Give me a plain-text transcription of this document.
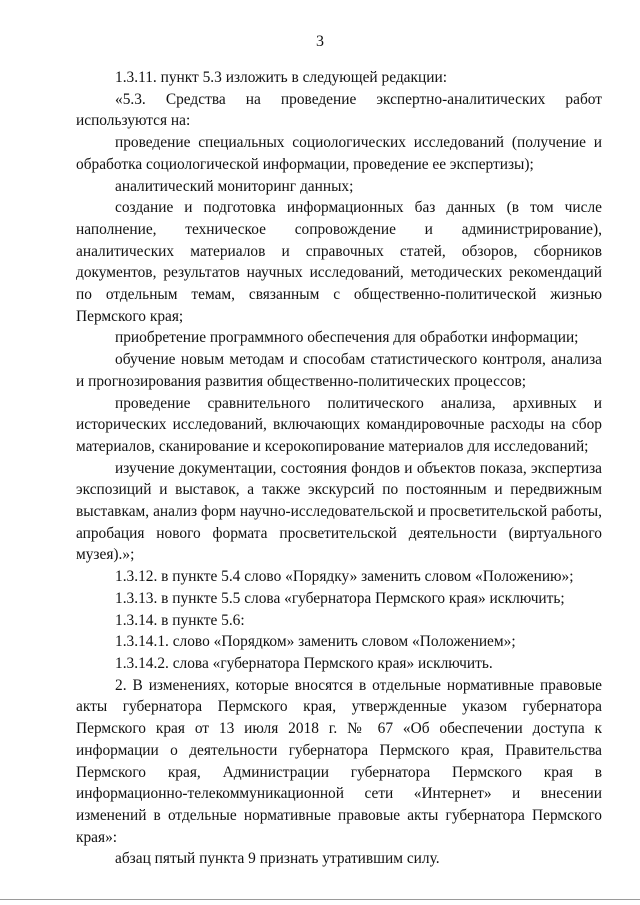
3

1.3.11. пункт 5.3 изложить в следующей редакции:

«5.3. Средства на проведение экспертно-аналитических работ используются на:

проведение специальных социологических исследований (получение и обработка социологической информации, проведение ее экспертизы);

аналитический мониторинг данных;

создание и подготовка информационных баз данных (в том числе наполнение, техническое сопровождение и администрирование), аналитических материалов и справочных статей, обзоров, сборников документов, результатов научных исследований, методических рекомендаций по отдельным темам, связанным с общественно-политической жизнью Пермского края;

приобретение программного обеспечения для обработки информации;

обучение новым методам и способам статистического контроля, анализа и прогнозирования развития общественно-политических процессов;

проведение сравнительного политического анализа, архивных и исторических исследований, включающих командировочные расходы на сбор материалов, сканирование и ксерокопирование материалов для исследований;

изучение документации, состояния фондов и объектов показа, экспертиза экспозиций и выставок, а также экскурсий по постоянным и передвижным выставкам, анализ форм научно-исследовательской и просветительской работы, апробация нового формата просветительской деятельности (виртуального музея).»;

1.3.12. в пункте 5.4 слово «Порядку» заменить словом «Положению»;

1.3.13. в пункте 5.5 слова «губернатора Пермского края» исключить;

1.3.14. в пункте 5.6:

1.3.14.1. слово «Порядком» заменить словом «Положением»;

1.3.14.2. слова «губернатора Пермского края» исключить.

2. В изменениях, которые вносятся в отдельные нормативные правовые акты губернатора Пермского края, утвержденные указом губернатора Пермского края от 13 июля 2018 г. № 67 «Об обеспечении доступа к информации о деятельности губернатора Пермского края, Правительства Пермского края, Администрации губернатора Пермского края в информационно-телекоммуникационной сети «Интернет» и внесении изменений в отдельные нормативные правовые акты губернатора Пермского края»:

абзац пятый пункта 9 признать утратившим силу.
